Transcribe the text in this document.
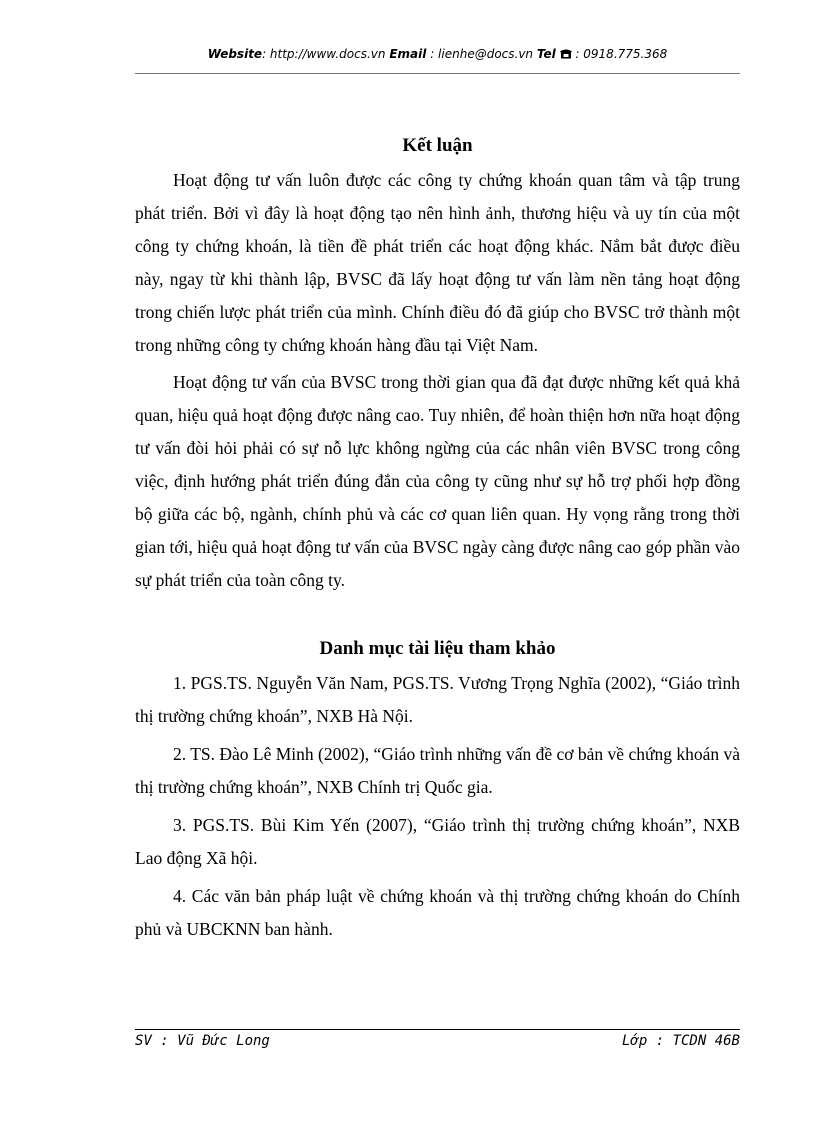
Website: http://www.docs.vn Email : lienhe@docs.vn Tel : 0918.775.368
Kết luận

Hoạt động tư vấn luôn được các công ty chứng khoán quan tâm và tập trung phát triển. Bởi vì đây là hoạt động tạo nên hình ảnh, thương hiệu và uy tín của một công ty chứng khoán, là tiền đề phát triển các hoạt động khác. Nắm bắt được điều này, ngay từ khi thành lập, BVSC đã lấy hoạt động tư vấn làm nền tảng hoạt động trong chiến lược phát triển của mình. Chính điều đó đã giúp cho BVSC trở thành một trong những công ty chứng khoán hàng đầu tại Việt Nam.

Hoạt động tư vấn của BVSC trong thời gian qua đã đạt được những kết quả khả quan, hiệu quả hoạt động được nâng cao. Tuy nhiên, để hoàn thiện hơn nữa hoạt động tư vấn đòi hỏi phải có sự nỗ lực không ngừng của các nhân viên BVSC trong công việc, định hướng phát triển đúng đắn của công ty cũng như sự hỗ trợ phối hợp đồng bộ giữa các bộ, ngành, chính phủ và các cơ quan liên quan. Hy vọng rằng trong thời gian tới, hiệu quả hoạt động tư vấn của BVSC ngày càng được nâng cao góp phần vào sự phát triển của toàn công ty.

Danh mục tài liệu tham khảo

1. PGS.TS. Nguyễn Văn Nam, PGS.TS. Vương Trọng Nghĩa (2002), “Giáo trình thị trường chứng khoán”, NXB Hà Nội.

2. TS. Đào Lê Minh (2002), “Giáo trình những vấn đề cơ bản về chứng khoán và thị trường chứng khoán”, NXB Chính trị Quốc gia.

3. PGS.TS. Bùi Kim Yến (2007), “Giáo trình thị trường chứng khoán”, NXB Lao động Xã hội.

4. Các văn bản pháp luật về chứng khoán và thị trường chứng khoán do Chính phủ và UBCKNN ban hành.

SV : Vũ Đức Long	Lớp : TCDN 46B
